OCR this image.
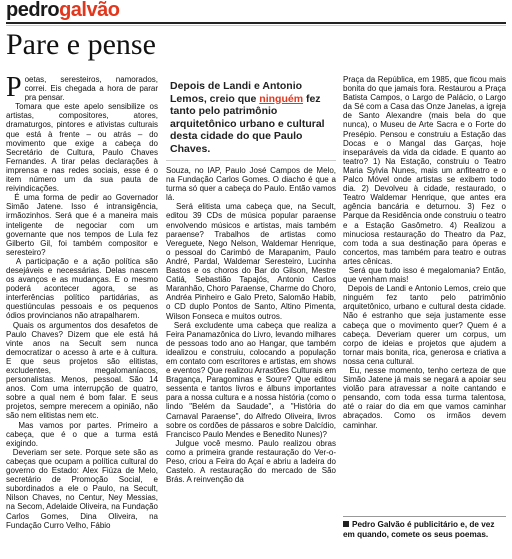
pedrogalvão
Pare e pense
Poetas, seresteiros, namorados, correi. Eis chegada a hora de parar pra pensar.
Tomara que este apelo sensibilize os artistas, compositores, atores, dramaturgos, pintores e ativistas culturais que está à frente – ou atrás – do movimento que exige a cabeça do Secretário de Cultura, Paulo Chaves Fernandes. A tirar pelas declarações à imprensa e nas redes sociais, esse é o item número um da sua pauta de reivindicações.
É uma forma de pedir ao Governador Simão Jatene. Isso é intransigência, irmãozinhos. Será que é a maneira mais inteligente de negociar com um governante que nos tempos de Lula fez Gilberto Gil, foi também compositor e seresteiro?
A participação e a ação política são desejáveis e necessárias. Delas nascem os avanços e as mudanças. E o mesmo poderá acontecer agora, se as interferências político partidárias, as questiúnculas pessoais e os pequenos ódios provincianos não atrapalharem.
Quais os argumentos dos desafetos de Paulo Chaves? Dizem que ele está há vinte anos na Secult sem nunca democratizar o acesso à arte e à cultura. E que seus projetos são elitistas, excludentes, megalomaníacos, personalistas. Menos, pessoal. São 14 anos. Com uma interrupção de quatro, sobre a qual nem é bom falar. E seus projetos, sempre merecem a opinião, não são nem elitistas nem etc.
Mas vamos por partes. Primeiro a cabeça, que é o que a turma está exigindo.
Deveriam ser sete. Porque sete são as cabeças que ocupam a política cultural do governo do Estado: Alex Fiúza de Melo, secretário de Promoção Social, e subordinados a ele o Paulo, na Secult, Nilson Chaves, no Centur, Ney Messias, na Secom, Adelaide Oliveira, na Fundação Carlos Gomes, Dina Oliveira, na Fundação Curro Velho, Fábio
Depois de Landi e Antonio Lemos, creio que ninguém fez tanto pelo patrimônio arquitetônico urbano e cultural desta cidade do que Paulo Chaves.
Souza, no IAP, Paulo José Campos de Melo, na Fundação Carlos Gomes. O diacho é que a turma só quer a cabeça do Paulo. Então vamos lá.
Será elitista uma cabeça que, na Secult, editou 39 CDs de música popular paraense envolvendo músicos e artistas, mais também paraense? Trabalhos de artistas como Vereguete, Nego Nelson, Waldemar Henrique, o pessoal do Carimbó de Marapanim, Paulo André, Pardal, Waldemar Seresteiro, Lucinha Bastos e os choros do Bar do Gilson, Mestre Catiá, Sebastião Tapajós, Antonio Carlos Maranhão, Choro Paraense, Charme do Choro, Andréa Pinheiro e Galo Preto, Salomão Habib, o CD duplo Pontos de Santo, Altino Pimenta, Wilson Fonseca e muitos outros.
Será excludente uma cabeça que realiza a Feira Panamazônica do Livro, levando milhares de pessoas todo ano ao Hangar, que também idealizou e construiu, colocando a população em contato com escritores e artistas, em shows e eventos? Que realizou Arrastões Culturais em Bragança, Paragominas e Soure? Que editou sessenta e tantos livros e álbuns importantes para a nossa cultura e a nossa história (como o lindo "Belém da Saudade", a "História do Carnaval Paraense", do Alfredo Oliveira, livros sobre os cordões de pássaros e sobre Dalcídio, Francisco Paulo Mendes e Benedito Nunes)?
Julgue você mesmo. Paulo realizou obras como a primeira grande restauração do Ver-o-Peso, criou a Feira do Açaí e abriu a ladeira do Castelo. A restauração do mercado de São Brás. A reinvenção da
Praça da República, em 1985, que ficou mais bonita do que jamais fora. Restaurou a Praça Batista Campos, o Largo de Palácio, o Largo da Sé com a Casa das Onze Janelas, a igreja de Santo Alexandre (mais bela do que nunca), o Museu de Arte Sacra e o Forte do Presépio. Pensou e construiu a Estação das Docas e o Mangal das Garças, hoje inseparáveis da vida da cidade. E quanto ao teatro? 1) Na Estação, construiu o Teatro Maria Sylvia Nunes, mais um anfiteatro e o Palco Móvel onde artistas se exibem todo dia. 2) Devolveu à cidade, restaurado, o Teatro Waldemar Henrique, que antes era agência bancária e deturnou. 3) Fez o Parque da Residência onde construiu o teatro e a Estação Gasômetro. 4) Realizou a minuciosa restauração do Theatro da Paz, com toda a sua destinação para óperas e concertos, mas também para teatro e outras artes cênicas.
Será que tudo isso é megalomania? Então, que venham mais!
Depois de Landi e Antonio Lemos, creio que ninguém fez tanto pelo patrimônio arquitetônico, urbano e cultural desta cidade. Não é estranho que seja justamente esse cabeça que o movimento quer? Quem é a cabeça. Deveriam querer um corpus, um corpo de ideias e projetos que ajudem a tornar mais bonita, rica, generosa e criativa a nossa cena cultural.
Eu, nesse momento, tenho certeza de que Simão Jatene já mais se negará a apoiar seu violão para atravessar a noite cantando e pensando, com toda essa turma talentosa, até o raiar do dia em que vamos caminhar abraçados. Como os irmãos devem caminhar.
Pedro Galvão é publicitário e, de vez em quando, comete os seus poemas.
